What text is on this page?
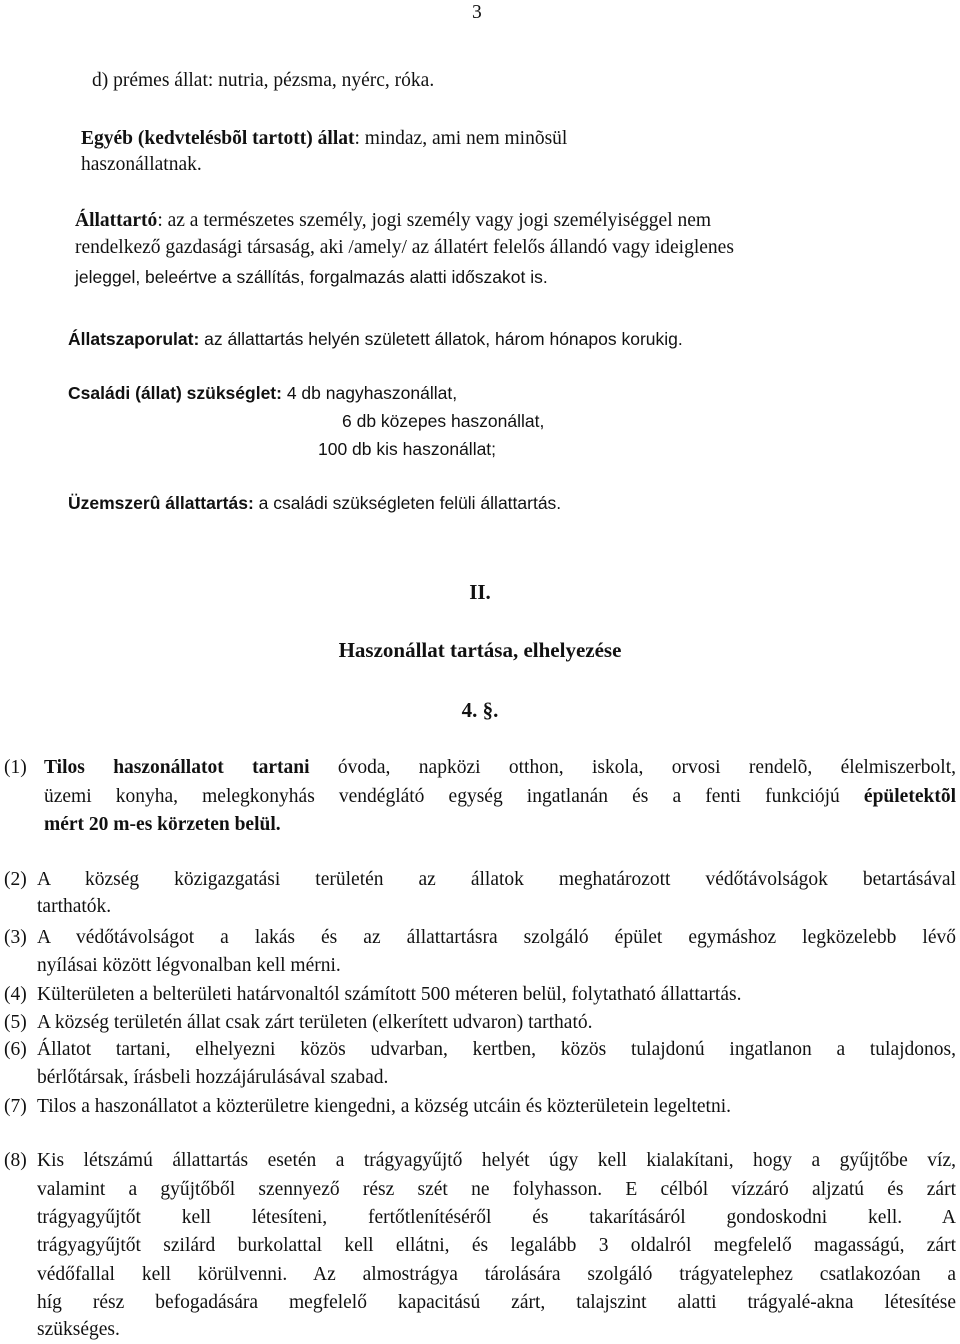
3
d) prémes állat: nutria, pézsma, nyérc, róka.
Egyéb (kedvtelésbõl tartott) állat: mindaz, ami nem minõsül
haszonállatnak.
Állattartó: az a természetes személy, jogi személy vagy jogi személyiséggel nem
rendelkező gazdasági társaság, aki /amely/ az állatért felelős állandó vagy ideiglenes
jeleggel, beleértve a szállítás, forgalmazás alatti időszakot is.
Állatszaporulat: az állattartás helyén született állatok, három hónapos korukig.
Családi (állat) szükséglet: 4 db nagyhaszonállat,
6 db közepes haszonállat,
100 db kis haszonállat;
Üzemszerû állattartás: a családi szükségleten felüli állattartás.
II.
Haszonállat tartása, elhelyezése
4. §.
(1) Tilos haszonállatot tartani óvoda, napközi otthon, iskola, orvosi rendelõ, élelmiszerbolt,
üzemi konyha, melegkonyhás vendéglátó egység ingatlanán és a fenti funkciójú épületektõl
mért 20 m-es körzeten belül.
(2) A község közigazgatási területén az állatok meghatározott védőtávolságok betartásával
tarthatók.
(3) A védőtávolságot a lakás és az állattartásra szolgáló épület egymáshoz legközelebb lévő
nyílásai között légvonalban kell mérni.
(4) Külterületen a belterületi határvonaltól számított 500 méteren belül, folytatható állattartás.
(5) A község területén állat csak zárt területen (elkerített udvaron) tartható.
(6) Állatot tartani, elhelyezni közös udvarban, kertben, közös tulajdonú ingatlanon a tulajdonos,
bérlőtársak, írásbeli hozzájárulásával szabad.
(7) Tilos a haszonállatot a közterületre kiengedni, a község utcáin és közterületein legeltetni.
(8) Kis létszámú állattartás esetén a trágyagyűjtő helyét úgy kell kialakítani, hogy a gyűjtőbe víz,
valamint a gyűjtőből szennyező rész szét ne folyhasson. E célból vízzáró aljzatú és zárt
trágyagyűjtőt kell létesíteni, fertőtlenítéséről és takarításáról gondoskodni kell. A
trágyagyűjtőt szilárd burkolattal kell ellátni, és legalább 3 oldalról megfelelő magasságú, zárt
védőfallal kell körülvenni. Az almostrágya tárolására szolgáló trágyatelephez csatlakozóan a
híg rész befogadására megfelelő kapacitású zárt, talajszint alatti trágyalé-akna létesítése
szükséges.
